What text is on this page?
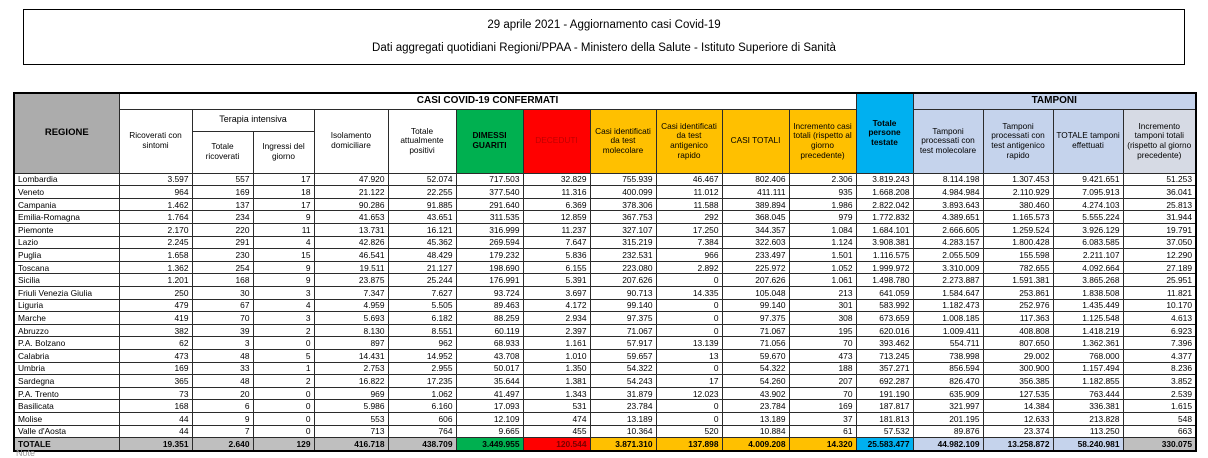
29 aprile 2021 - Aggiornamento casi Covid-19
Dati aggregati quotidiani Regioni/PPAA - Ministero della Salute - Istituto Superiore di Sanità
REGIONE	CASI COVID-19 CONFERMATI											Totale persone testate	TAMPONI			
	Ricoverati con sintomi	Terapia intensiva		Isolamento domiciliare	Totale attualmente positivi	DIMESSI GUARITI	DECEDUTI	Casi identificati da test molecolare	Casi identificati da test antigenico rapido	CASI TOTALI	Incremento casi totali (rispetto al giorno precedente)		Tamponi processati con test molecolare	Tamponi processati con test antigenico rapido	TOTALE tamponi effettuati	Incremento tamponi totali (rispetto al giorno precedente)
		Totale ricoverati	Ingressi del giorno													
Lombardia	3.597	557	17	47.920	52.074	717.503	32.829	755.939	46.467	802.406	2.306	3.819.243	8.114.198	1.307.453	9.421.651	51.253
Veneto	964	169	18	21.122	22.255	377.540	11.316	400.099	11.012	411.111	935	1.668.208	4.984.984	2.110.929	7.095.913	36.041
Campania	1.462	137	17	90.286	91.885	291.640	6.369	378.306	11.588	389.894	1.986	2.822.042	3.893.643	380.460	4.274.103	25.813
Emilia-Romagna	1.764	234	9	41.653	43.651	311.535	12.859	367.753	292	368.045	979	1.772.832	4.389.651	1.165.573	5.555.224	31.944
Piemonte	2.170	220	11	13.731	16.121	316.999	11.237	327.107	17.250	344.357	1.084	1.684.101	2.666.605	1.259.524	3.926.129	19.791
Lazio	2.245	291	4	42.826	45.362	269.594	7.647	315.219	7.384	322.603	1.124	3.908.381	4.283.157	1.800.428	6.083.585	37.050
Puglia	1.658	230	15	46.541	48.429	179.232	5.836	232.531	966	233.497	1.501	1.116.575	2.055.509	155.598	2.211.107	12.290
Toscana	1.362	254	9	19.511	21.127	198.690	6.155	223.080	2.892	225.972	1.052	1.999.972	3.310.009	782.655	4.092.664	27.189
Sicilia	1.201	168	9	23.875	25.244	176.991	5.391	207.626	0	207.626	1.061	1.498.780	2.273.887	1.591.381	3.865.268	25.951
Friuli Venezia Giulia	250	30	3	7.347	7.627	93.724	3.697	90.713	14.335	105.048	213	641.059	1.584.647	253.861	1.838.508	11.821
Liguria	479	67	4	4.959	5.505	89.463	4.172	99.140	0	99.140	301	583.992	1.182.473	252.976	1.435.449	10.170
Marche	419	70	3	5.693	6.182	88.259	2.934	97.375	0	97.375	308	673.659	1.008.185	117.363	1.125.548	4.613
Abruzzo	382	39	2	8.130	8.551	60.119	2.397	71.067	0	71.067	195	620.016	1.009.411	408.808	1.418.219	6.923
P.A. Bolzano	62	3	0	897	962	68.933	1.161	57.917	13.139	71.056	70	393.462	554.711	807.650	1.362.361	7.396
Calabria	473	48	5	14.431	14.952	43.708	1.010	59.657	13	59.670	473	713.245	738.998	29.002	768.000	4.377
Umbria	169	33	1	2.753	2.955	50.017	1.350	54.322	0	54.322	188	357.271	856.594	300.900	1.157.494	8.236
Sardegna	365	48	2	16.822	17.235	35.644	1.381	54.243	17	54.260	207	692.287	826.470	356.385	1.182.855	3.852
P.A. Trento	73	20	0	969	1.062	41.497	1.343	31.879	12.023	43.902	70	191.190	635.909	127.535	763.444	2.539
Basilicata	168	6	0	5.986	6.160	17.093	531	23.784	0	23.784	169	187.817	321.997	14.384	336.381	1.615
Molise	44	9	0	553	606	12.109	474	13.189	0	13.189	37	181.813	201.195	12.633	213.828	548
Valle d'Aosta	44	7	0	713	764	9.665	455	10.364	520	10.884	61	57.532	89.876	23.374	113.250	663
TOTALE	19.351	2.640	129	416.718	438.709	3.449.955	120.544	3.871.310	137.898	4.009.208	14.320	25.583.477	44.982.109	13.258.872	58.240.981	330.075
Note
